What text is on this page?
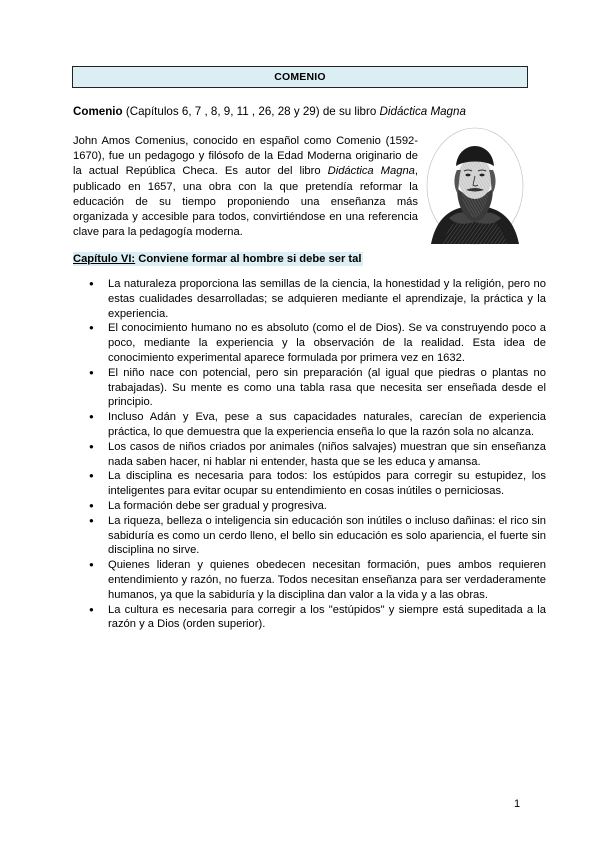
COMENIO
Comenio (Capítulos 6, 7 , 8, 9, 11 , 26, 28 y 29) de su libro Didáctica Magna
John Amos Comenius, conocido en español como Comenio (1592-1670), fue un pedagogo y filósofo de la Edad Moderna originario de la actual República Checa. Es autor del libro Didáctica Magna, publicado en 1657, una obra con la que pretendía reformar la educación de su tiempo proponiendo una enseñanza más organizada y accesible para todos, convirtiéndose en una referencia clave para la pedagogía moderna.
Capítulo VI: Conviene formar al hombre si debe ser tal
● La naturaleza proporciona las semillas de la ciencia, la honestidad y la religión, pero no estas cualidades desarrolladas; se adquieren mediante el aprendizaje, la práctica y la experiencia.
● El conocimiento humano no es absoluto (como el de Dios). Se va construyendo poco a poco, mediante la experiencia y la observación de la realidad. Esta idea de conocimiento experimental aparece formulada por primera vez en 1632.
● El niño nace con potencial, pero sin preparación (al igual que piedras o plantas no trabajadas). Su mente es como una tabla rasa que necesita ser enseñada desde el principio.
● Incluso Adán y Eva, pese a sus capacidades naturales, carecían de experiencia práctica, lo que demuestra que la experiencia enseña lo que la razón sola no alcanza.
● Los casos de niños criados por animales (niños salvajes) muestran que sin enseñanza nada saben hacer, ni hablar ni entender, hasta que se les educa y amansa.
● La disciplina es necesaria para todos: los estúpidos para corregir su estupidez, los inteligentes para evitar ocupar su entendimiento en cosas inútiles o perniciosas.
● La formación debe ser gradual y progresiva.
● La riqueza, belleza o inteligencia sin educación son inútiles o incluso dañinas: el rico sin sabiduría es como un cerdo lleno, el bello sin educación es solo apariencia, el fuerte sin disciplina no sirve.
● Quienes lideran y quienes obedecen necesitan formación, pues ambos requieren entendimiento y razón, no fuerza. Todos necesitan enseñanza para ser verdaderamente humanos, ya que la sabiduría y la disciplina dan valor a la vida y a las obras.
● La cultura es necesaria para corregir a los "estúpidos" y siempre está supeditada a la razón y a Dios (orden superior).
1
